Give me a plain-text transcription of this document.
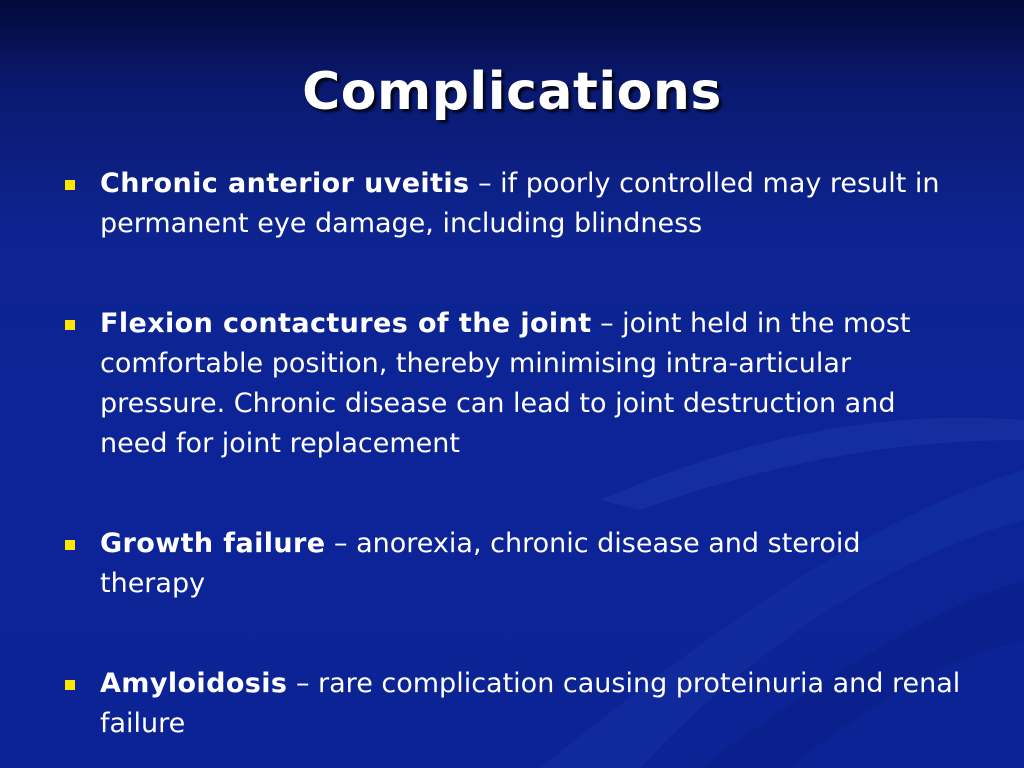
Complications
Chronic anterior uveitis – if poorly controlled may result in permanent eye damage, including blindness
Flexion contactures of the joint – joint held in the most comfortable position, thereby minimising intra-articular pressure. Chronic disease can lead to joint destruction and need for joint replacement
Growth failure – anorexia, chronic disease and steroid therapy
Amyloidosis – rare complication causing proteinuria and renal failure
